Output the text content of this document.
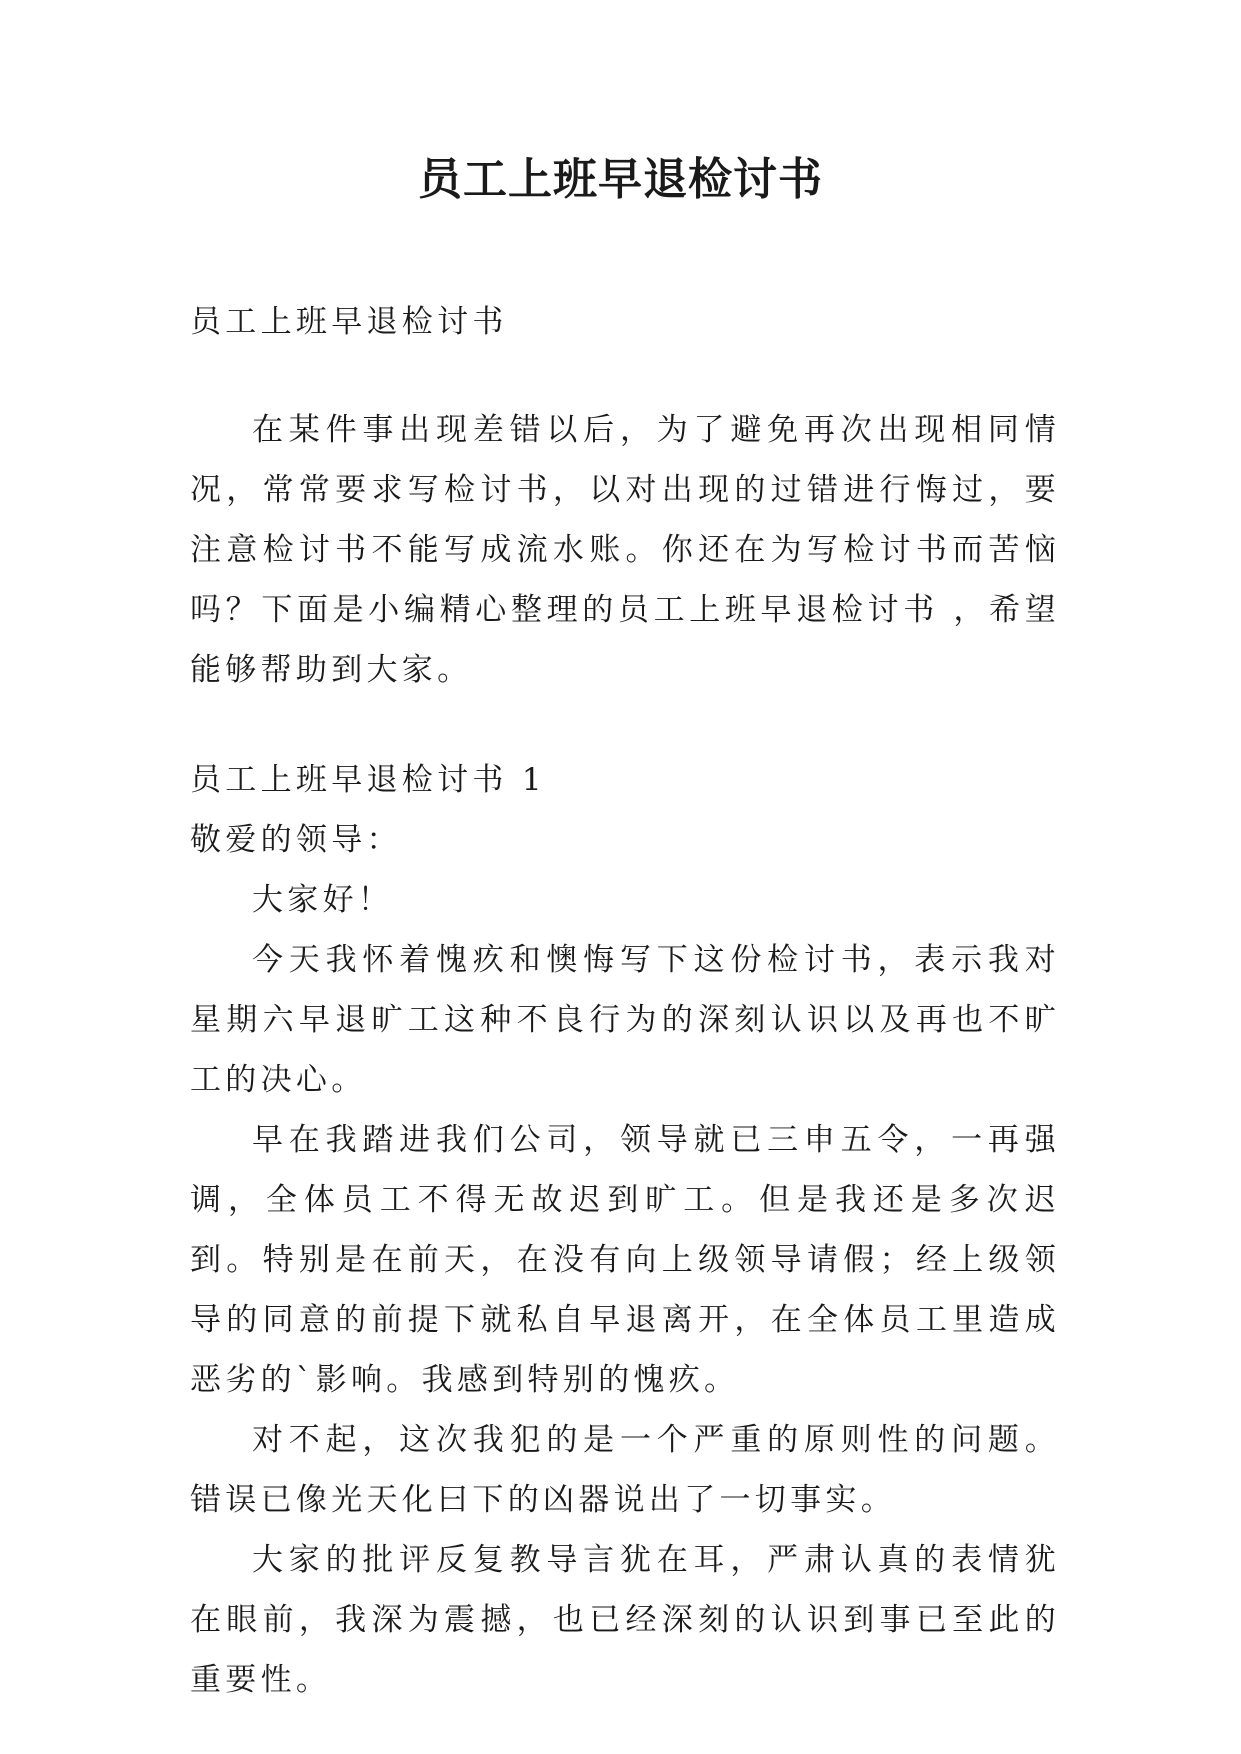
员工上班早退检讨书

员工上班早退检讨书

在某件事出现差错以后，为了避免再次出现相同情况，常常要求写检讨书，以对出现的过错进行悔过，要注意检讨书不能写成流水账。你还在为写检讨书而苦恼吗？下面是小编精心整理的员工上班早退检讨书 ，希望能够帮助到大家。

员工上班早退检讨书 1

敬爱的领导：

大家好！

今天我怀着愧疚和懊悔写下这份检讨书，表示我对星期六早退旷工这种不良行为的深刻认识以及再也不旷工的决心。

早在我踏进我们公司，领导就已三申五令，一再强调，全体员工不得无故迟到旷工。但是我还是多次迟到。特别是在前天，在没有向上级领导请假；经上级领导的同意的前提下就私自早退离开，在全体员工里造成恶劣的`影响。我感到特别的愧疚。

对不起，这次我犯的是一个严重的原则性的问题。错误已像光天化曰下的凶器说出了一切事实。

大家的批评反复教导言犹在耳，严肃认真的表情犹在眼前，我深为震撼，也已经深刻的认识到事已至此的重要性。
